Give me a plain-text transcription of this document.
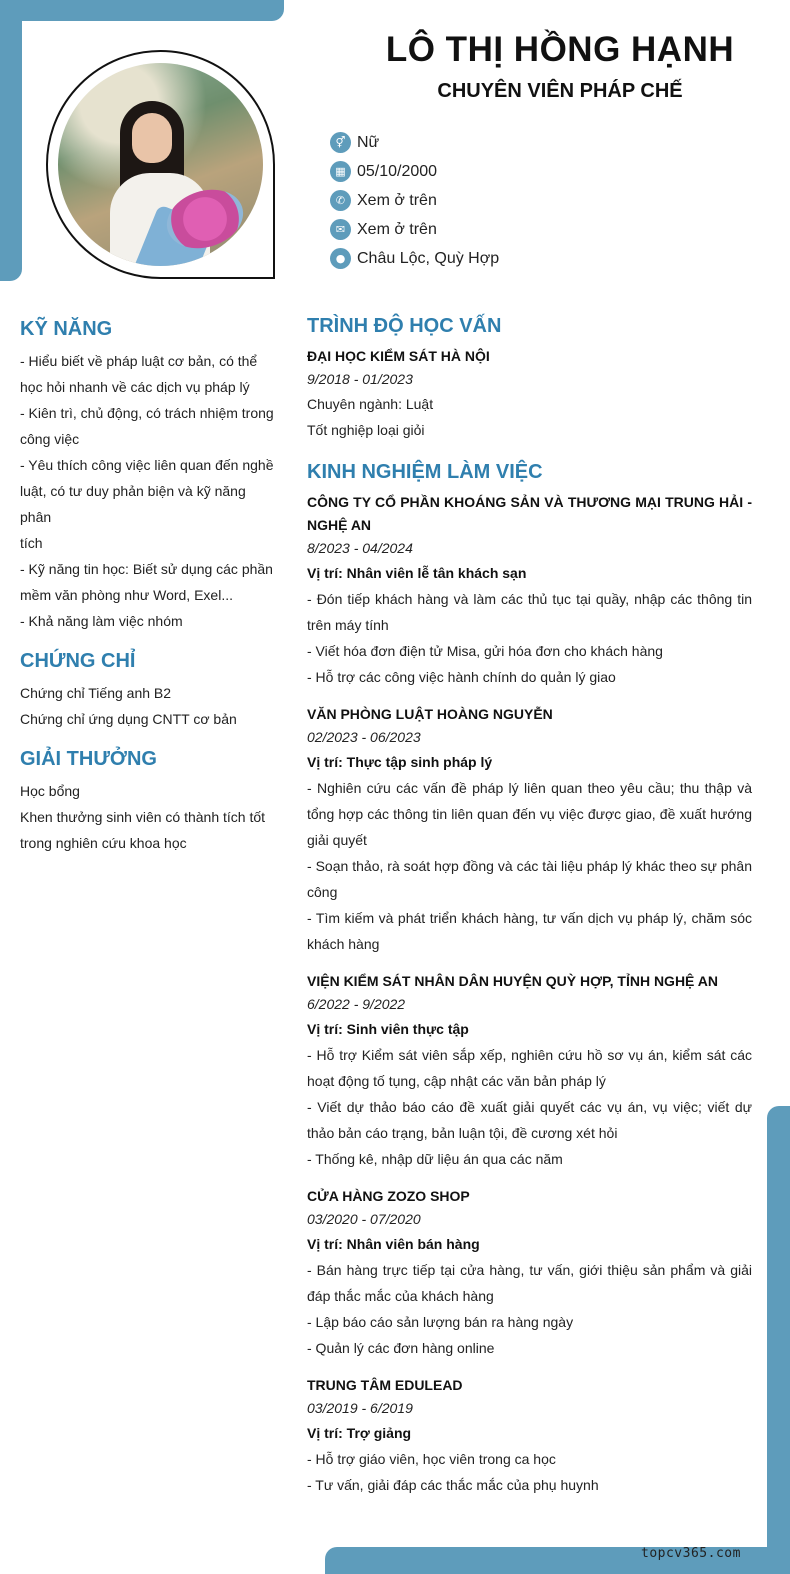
LÔ THỊ HỒNG HẠNH
CHUYÊN VIÊN PHÁP CHẾ
⚥ Nữ
▦ 05/10/2000
✆ Xem ở trên
✉ Xem ở trên
● Châu Lộc, Quỳ Hợp
KỸ NĂNG
- Hiểu biết về pháp luật cơ bản, có thể
học hỏi nhanh về các dịch vụ pháp lý
- Kiên trì, chủ động, có trách nhiệm trong
công việc
- Yêu thích công việc liên quan đến nghề
luật, có tư duy phản biện và kỹ năng phân
tích
- Kỹ năng tin học: Biết sử dụng các phần
mềm văn phòng như Word, Exel...
- Khả năng làm việc nhóm
CHỨNG CHỈ
Chứng chỉ Tiếng anh B2
Chứng chỉ ứng dụng CNTT cơ bản
GIẢI THƯỞNG
Học bổng
Khen thưởng sinh viên có thành tích tốt
trong nghiên cứu khoa học
TRÌNH ĐỘ HỌC VẤN
ĐẠI HỌC KIỂM SÁT HÀ NỘI
9/2018 - 01/2023
Chuyên ngành: Luật
Tốt nghiệp loại giỏi
KINH NGHIỆM LÀM VIỆC
CÔNG TY CỔ PHẦN KHOÁNG SẢN VÀ THƯƠNG MẠI TRUNG HẢI - NGHỆ AN
8/2023 - 04/2024
Vị trí: Nhân viên lễ tân khách sạn
- Đón tiếp khách hàng và làm các thủ tục tại quầy, nhập các thông tin trên máy tính
- Viết hóa đơn điện tử Misa, gửi hóa đơn cho khách hàng
- Hỗ trợ các công việc hành chính do quản lý giao
VĂN PHÒNG LUẬT HOÀNG NGUYỄN
02/2023 - 06/2023
Vị trí: Thực tập sinh pháp lý
- Nghiên cứu các vấn đề pháp lý liên quan theo yêu cầu; thu thập và tổng hợp các thông tin liên quan đến vụ việc được giao, đề xuất hướng giải quyết
- Soạn thảo, rà soát hợp đồng và các tài liệu pháp lý khác theo sự phân công
- Tìm kiếm và phát triển khách hàng, tư vấn dịch vụ pháp lý, chăm sóc khách hàng
VIỆN KIỂM SÁT NHÂN DÂN HUYỆN QUỲ HỢP, TỈNH NGHỆ AN
6/2022 - 9/2022
Vị trí: Sinh viên thực tập
- Hỗ trợ Kiểm sát viên sắp xếp, nghiên cứu hồ sơ vụ án, kiểm sát các hoạt động tố tụng, cập nhật các văn bản pháp lý
- Viết dự thảo báo cáo đề xuất giải quyết các vụ án, vụ việc; viết dự thảo bản cáo trạng, bản luận tội, đề cương xét hỏi
- Thống kê, nhập dữ liệu án qua các năm
CỬA HÀNG ZOZO SHOP
03/2020 - 07/2020
Vị trí: Nhân viên bán hàng
- Bán hàng trực tiếp tại cửa hàng, tư vấn, giới thiệu sản phẩm và giải đáp thắc mắc của khách hàng
- Lập báo cáo sản lượng bán ra hàng ngày
- Quản lý các đơn hàng online
TRUNG TÂM EDULEAD
03/2019 - 6/2019
Vị trí: Trợ giảng
- Hỗ trợ giáo viên, học viên trong ca học
- Tư vấn, giải đáp các thắc mắc của phụ huynh
topcv365.com
